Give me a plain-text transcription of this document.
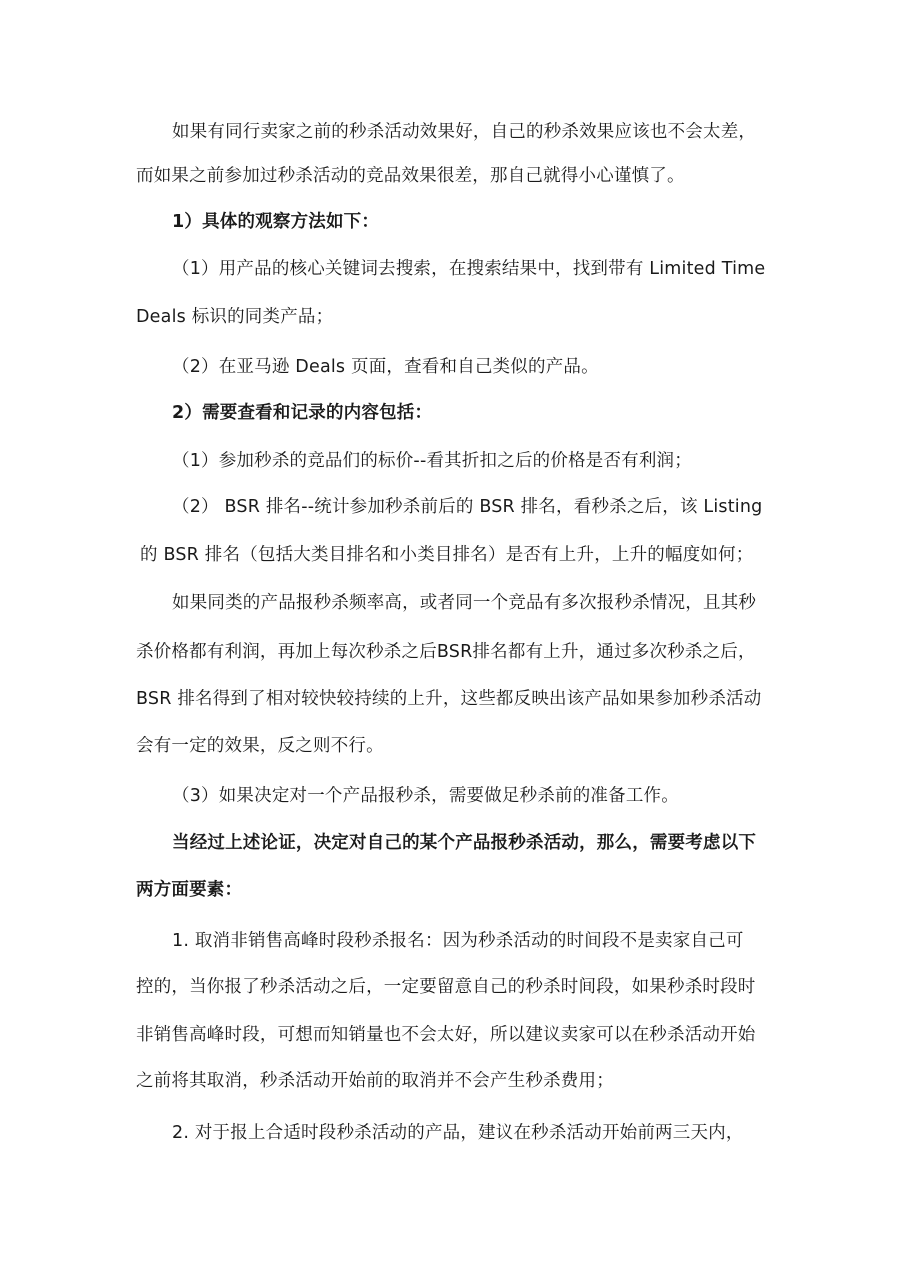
如果有同行卖家之前的秒杀活动效果好，自己的秒杀效果应该也不会太差，
而如果之前参加过秒杀活动的竞品效果很差，那自己就得小心谨慎了。
1）具体的观察方法如下：
（1）用产品的核心关键词去搜索，在搜索结果中，找到带有 Limited Time
Deals 标识的同类产品；
（2）在亚马逊 Deals 页面，查看和自己类似的产品。
2）需要查看和记录的内容包括：
（1）参加秒杀的竞品们的标价--看其折扣之后的价格是否有利润；
（2） BSR 排名--统计参加秒杀前后的 BSR 排名，看秒杀之后，该 Listing
的 BSR 排名（包括大类目排名和小类目排名）是否有上升，上升的幅度如何；
如果同类的产品报秒杀频率高，或者同一个竞品有多次报秒杀情况，且其秒
杀价格都有利润，再加上每次秒杀之后BSR排名都有上升，通过多次秒杀之后，
BSR 排名得到了相对较快较持续的上升，这些都反映出该产品如果参加秒杀活动
会有一定的效果，反之则不行。
（3）如果决定对一个产品报秒杀，需要做足秒杀前的准备工作。
当经过上述论证，决定对自己的某个产品报秒杀活动，那么，需要考虑以下
两方面要素：
1. 取消非销售高峰时段秒杀报名：因为秒杀活动的时间段不是卖家自己可
控的，当你报了秒杀活动之后，一定要留意自己的秒杀时间段，如果秒杀时段时
非销售高峰时段，可想而知销量也不会太好，所以建议卖家可以在秒杀活动开始
之前将其取消，秒杀活动开始前的取消并不会产生秒杀费用；
2. 对于报上合适时段秒杀活动的产品，建议在秒杀活动开始前两三天内，
